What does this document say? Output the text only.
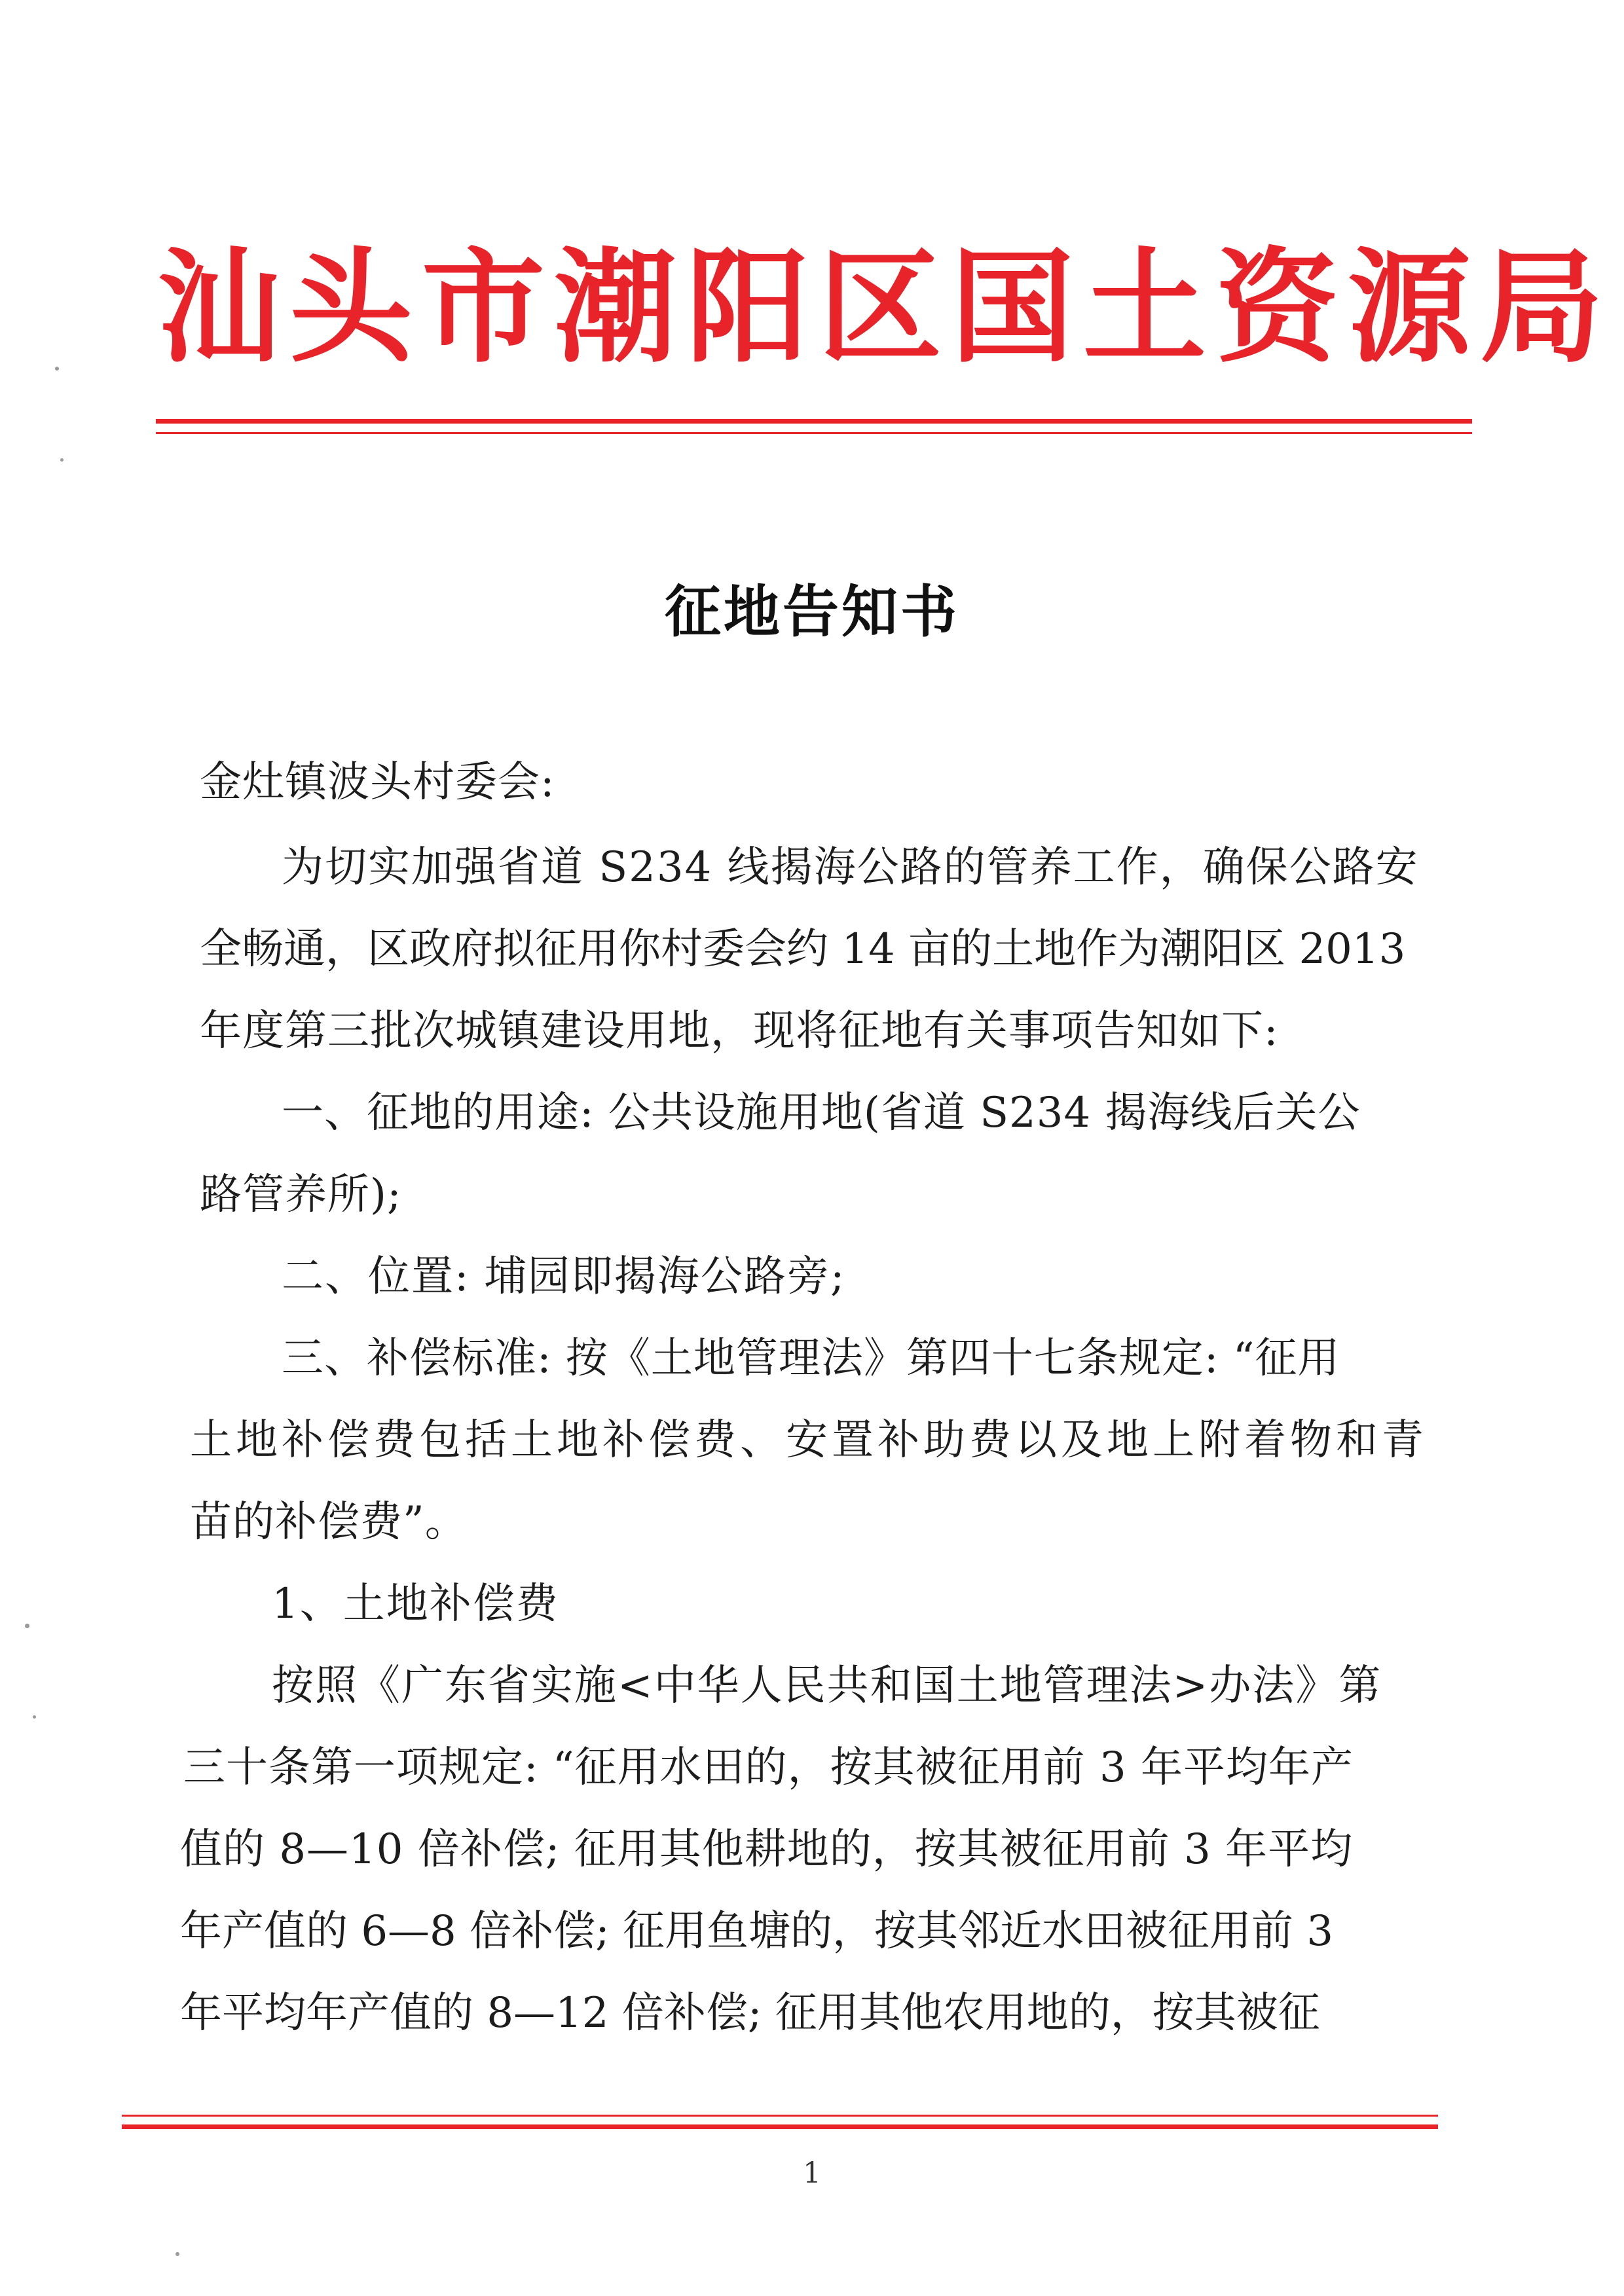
汕头市潮阳区国土资源局
征地告知书
金灶镇波头村委会:
为切实加强省道 S234 线揭海公路的管养工作，确保公路安
全畅通，区政府拟征用你村委会约 14 亩的土地作为潮阳区 2013
年度第三批次城镇建设用地，现将征地有关事项告知如下:
一、征地的用途: 公共设施用地(省道 S234 揭海线后关公
路管养所);
二、位置: 埔园即揭海公路旁;
三、补偿标准: 按《土地管理法》第四十七条规定: “征用
土地补偿费包括土地补偿费、安置补助费以及地上附着物和青
苗的补偿费”。
1、土地补偿费
按照《广东省实施<中华人民共和国土地管理法>办法》第
三十条第一项规定: “征用水田的，按其被征用前 3 年平均年产
值的 8—10 倍补偿; 征用其他耕地的，按其被征用前 3 年平均
年产值的 6—8 倍补偿; 征用鱼塘的，按其邻近水田被征用前 3
年平均年产值的 8—12 倍补偿; 征用其他农用地的，按其被征
1
